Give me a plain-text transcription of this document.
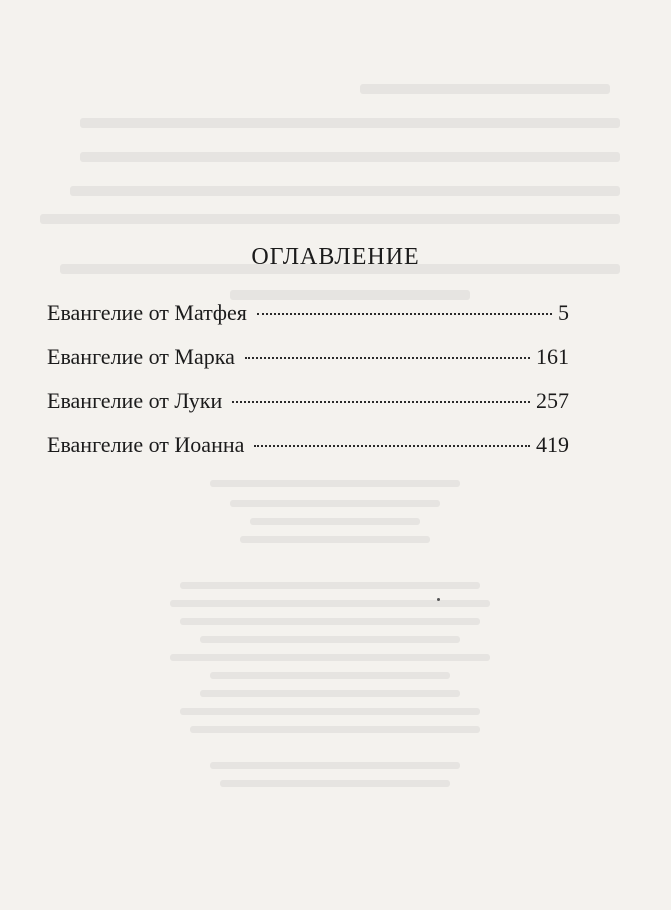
ОГЛАВЛЕНИЕ
Евангелие от Матфея	5
Евангелие от Марка	161
Евангелие от Луки	257
Евангелие от Иоанна	419
